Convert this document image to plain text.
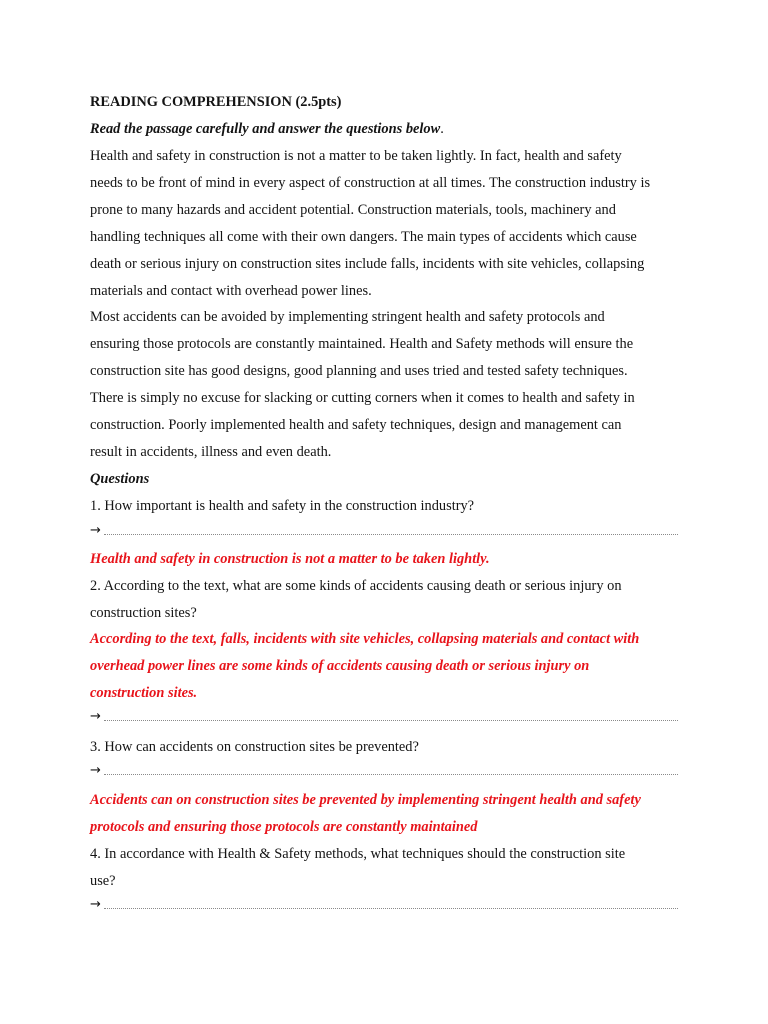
READING COMPREHENSION (2.5pts)
Read the passage carefully and answer the questions below.
Health and safety in construction is not a matter to be taken lightly. In fact, health and safety
needs to be front of mind in every aspect of construction at all times. The construction industry is
prone to many hazards and accident potential. Construction materials, tools, machinery and
handling techniques all come with their own dangers. The main types of accidents which cause
death or serious injury on construction sites include falls, incidents with site vehicles, collapsing
materials and contact with overhead power lines.
Most accidents can be avoided by implementing stringent health and safety protocols and
ensuring those protocols are constantly maintained. Health and Safety methods will ensure the
construction site has good designs, good planning and uses tried and tested safety techniques.
There is simply no excuse for slacking or cutting corners when it comes to health and safety in
construction. Poorly implemented health and safety techniques, design and management can
result in accidents, illness and even death.
Questions
1. How important is health and safety in the construction industry?
→
Health and safety in construction is not a matter to be taken lightly.
2. According to the text, what are some kinds of accidents causing death or serious injury on
construction sites?
According to the text, falls, incidents with site vehicles, collapsing materials and contact with
overhead power lines are some kinds of accidents causing death or serious injury on
construction sites.
→
3. How can accidents on construction sites be prevented?
→
Accidents can on construction sites be prevented by implementing stringent health and safety
protocols and ensuring those protocols are constantly maintained
4. In accordance with Health & Safety methods, what techniques should the construction site
use?
→
